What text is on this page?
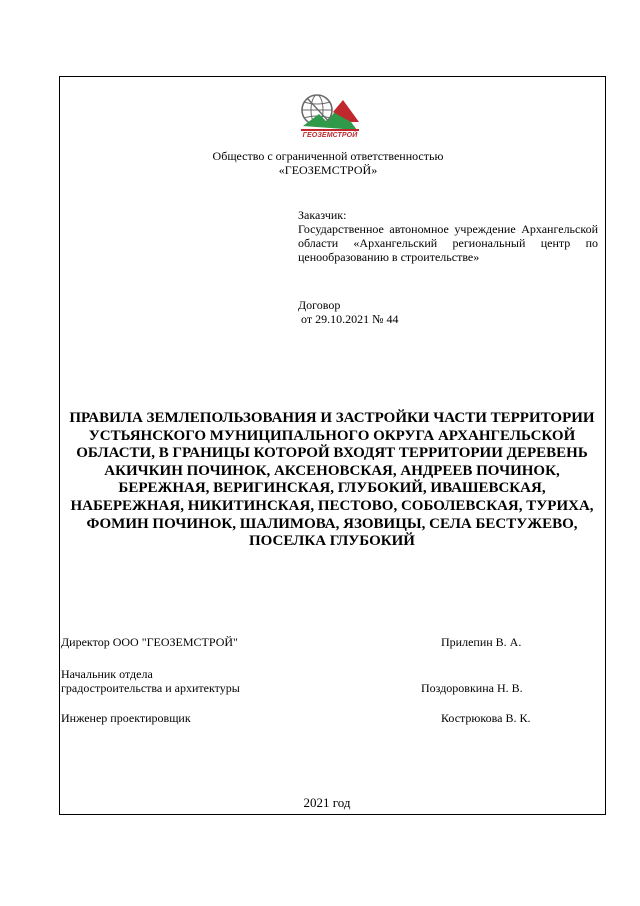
ГЕОЗЕМСТРОЙ
Общество с ограниченной ответственностью
«ГЕОЗЕМСТРОЙ»
Заказчик:
Государственное автономное учреждение Архангельской области «Архангельский региональный центр по ценообразованию в строительстве»
Договор
от 29.10.2021 № 44
ПРАВИЛА ЗЕМЛЕПОЛЬЗОВАНИЯ И ЗАСТРОЙКИ ЧАСТИ ТЕРРИТОРИИ УСТЬЯНСКОГО МУНИЦИПАЛЬНОГО ОКРУГА АРХАНГЕЛЬСКОЙ ОБЛАСТИ, В ГРАНИЦЫ КОТОРОЙ ВХОДЯТ ТЕРРИТОРИИ ДЕРЕВЕНЬ АКИЧКИН ПОЧИНОК, АКСЕНОВСКАЯ, АНДРЕЕВ ПОЧИНОК, БЕРЕЖНАЯ, ВЕРИГИНСКАЯ, ГЛУБОКИЙ, ИВАШЕВСКАЯ, НАБЕРЕЖНАЯ, НИКИТИНСКАЯ, ПЕСТОВО, СОБОЛЕВСКАЯ, ТУРИХА, ФОМИН ПОЧИНОК, ШАЛИМОВА, ЯЗОВИЦЫ, СЕЛА БЕСТУЖЕВО, ПОСЕЛКА ГЛУБОКИЙ
Директор ООО "ГЕОЗЕМСТРОЙ"	Прилепин В. А.
Начальник отдела
градостроительства и архитектуры	Поздоровкина Н. В.
Инженер проектировщик	Кострюкова В. К.
2021 год
